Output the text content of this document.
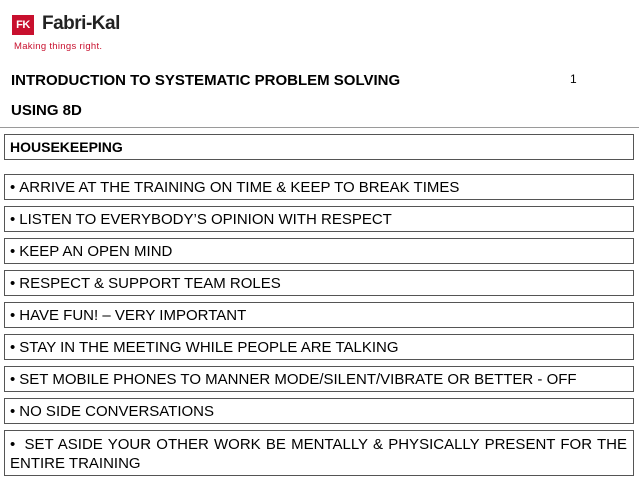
FK Fabri-Kal
Making things right.
INTRODUCTION TO SYSTEMATIC PROBLEM SOLVING
USING 8D
1
HOUSEKEEPING
• ARRIVE AT THE TRAINING ON TIME & KEEP TO BREAK TIMES
• LISTEN TO EVERYBODY’S OPINION WITH RESPECT
• KEEP AN OPEN MIND
• RESPECT & SUPPORT TEAM ROLES
• HAVE FUN! – VERY IMPORTANT
• STAY IN THE MEETING WHILE PEOPLE ARE TALKING
• SET MOBILE PHONES TO MANNER MODE/SILENT/VIBRATE OR BETTER - OFF
• NO SIDE CONVERSATIONS
• SET ASIDE YOUR OTHER WORK BE MENTALLY & PHYSICALLY PRESENT FOR THE ENTIRE TRAINING
